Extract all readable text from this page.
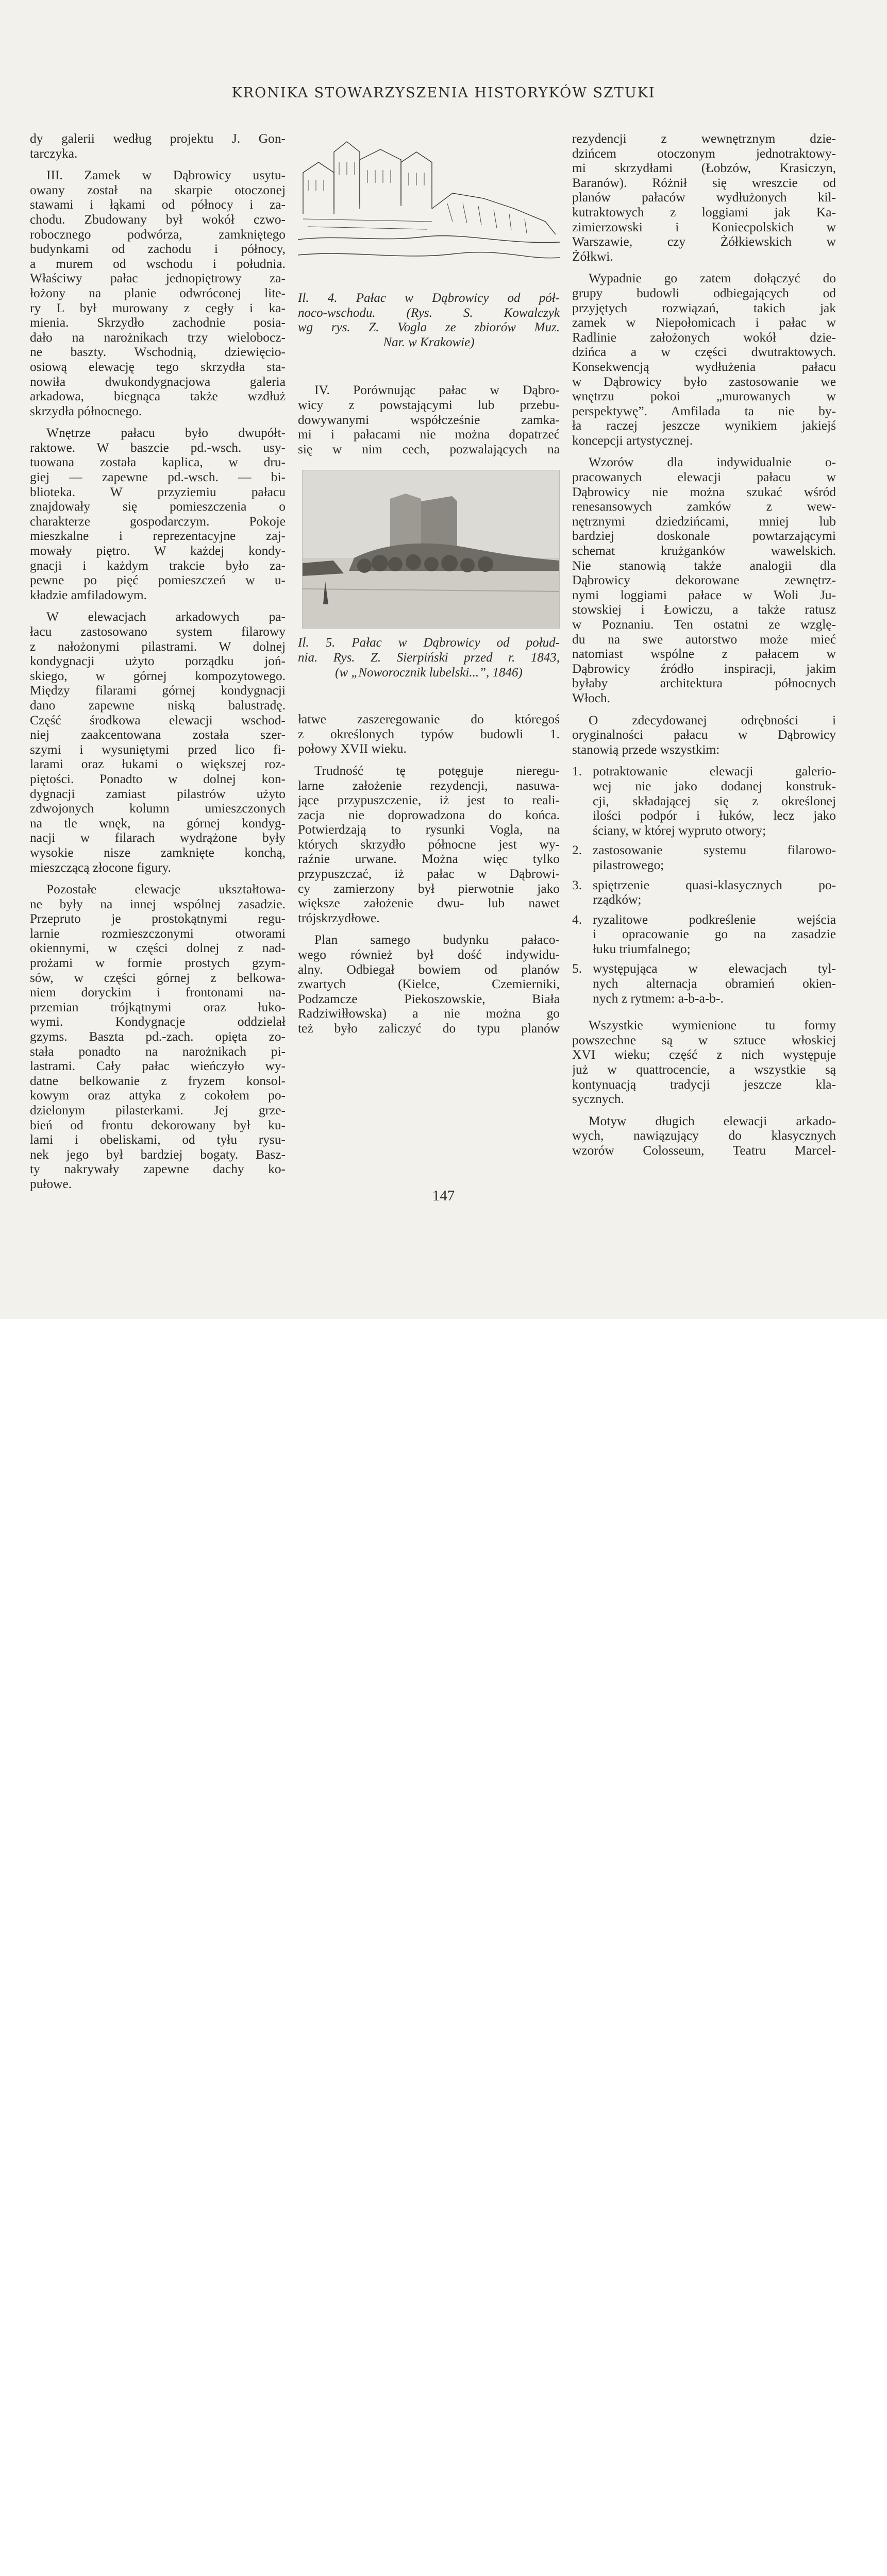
KRONIKA STOWARZYSZENIA HISTORYKÓW SZTUKI
dy galerii według projektu J. Gon-
tarczyka.
III. Zamek w Dąbrowicy usytu-
owany został na skarpie otoczonej
stawami i łąkami od północy i za-
chodu. Zbudowany był wokół czwo-
robocznego podwórza, zamkniętego
budynkami od zachodu i północy,
a murem od wschodu i południa.
Właściwy pałac jednopiętrowy za-
łożony na planie odwróconej lite-
ry L był murowany z cegły i ka-
mienia. Skrzydło zachodnie posia-
dało na narożnikach trzy wielobocz-
ne baszty. Wschodnią, dziewięcio-
osiową elewację tego skrzydła sta-
nowiła dwukondygnacjowa galeria
arkadowa, biegnąca także wzdłuż
skrzydła północnego.
Wnętrze pałacu było dwupółt-
raktowe. W baszcie pd.-wsch. usy-
tuowana została kaplica, w dru-
giej — zapewne pd.-wsch. — bi-
blioteka. W przyziemiu pałacu
znajdowały się pomieszczenia o
charakterze gospodarczym. Pokoje
mieszkalne i reprezentacyjne zaj-
mowały piętro. W każdej kondy-
gnacji i każdym trakcie było za-
pewne po pięć pomieszczeń w u-
kładzie amfiladowym.
W elewacjach arkadowych pa-
łacu zastosowano system filarowy
z nałożonymi pilastrami. W dolnej
kondygnacji użyto porządku joń-
skiego, w górnej kompozytowego.
Między filarami górnej kondygnacji
dano zapewne niską balustradę.
Część środkowa elewacji wschod-
niej zaakcentowana została szer-
szymi i wysuniętymi przed lico fi-
larami oraz łukami o większej roz-
piętości. Ponadto w dolnej kon-
dygnacji zamiast pilastrów użyto
zdwojonych kolumn umieszczonych
na tle wnęk, na górnej kondyg-
nacji w filarach wydrążone były
wysokie nisze zamknięte konchą,
mieszczącą złocone figury.
Pozostałe elewacje ukształtowa-
ne były na innej wspólnej zasadzie.
Przepruto je prostokątnymi regu-
larnie rozmieszczonymi otworami
okiennymi, w części dolnej z nad-
prożami w formie prostych gzym-
sów, w części górnej z belkowa-
niem doryckim i frontonami na-
przemian trójkątnymi oraz łuko-
wymi. Kondygnacje oddzielał
gzyms. Baszta pd.-zach. opięta zo-
stała ponadto na narożnikach pi-
lastrami. Cały pałac wieńczyło wy-
datne belkowanie z fryzem konsol-
kowym oraz attyka z cokołem po-
dzielonym pilasterkami. Jej grze-
bień od frontu dekorowany był ku-
lami i obeliskami, od tyłu rysu-
nek jego był bardziej bogaty. Basz-
ty nakrywały zapewne dachy ko-
pułowe.
Il. 4. Pałac w Dąbrowicy od pół-
noco-wschodu. (Rys. S. Kowalczyk
wg rys. Z. Vogla ze zbiorów Muz.
Nar. w Krakowie)
IV. Porównując pałac w Dąbro-
wicy z powstającymi lub przebu-
dowywanymi współcześnie zamka-
mi i pałacami nie można dopatrzeć
się w nim cech, pozwalających na
Il. 5. Pałac w Dąbrowicy od połud-
nia. Rys. Z. Sierpiński przed r. 1843,
(w „Noworocznik lubelski...”, 1846)
łatwe zaszeregowanie do któregoś
z określonych typów budowli 1.
połowy XVII wieku.
Trudność tę potęguje nieregu-
larne założenie rezydencji, nasuwa-
jące przypuszczenie, iż jest to reali-
zacja nie doprowadzona do końca.
Potwierdzają to rysunki Vogla, na
których skrzydło północne jest wy-
raźnie urwane. Można więc tylko
przypuszczać, iż pałac w Dąbrowi-
cy zamierzony był pierwotnie jako
większe założenie dwu- lub nawet
trójskrzydłowe.
Plan samego budynku pałaco-
wego również był dość indywidu-
alny. Odbiegał bowiem od planów
zwartych (Kielce, Czemierniki,
Podzamcze Piekoszowskie, Biała
Radziwiłłowska) a nie można go
też było zaliczyć do typu planów
rezydencji z wewnętrznym dzie-
dzińcem otoczonym jednotraktowy-
mi skrzydłami (Łobzów, Krasiczyn,
Baranów). Różnił się wreszcie od
planów pałaców wydłużonych kil-
kutraktowych z loggiami jak Ka-
zimierzowski i Koniecpolskich w
Warszawie, czy Żółkiewskich w
Żółkwi.
Wypadnie go zatem dołączyć do
grupy budowli odbiegających od
przyjętych rozwiązań, takich jak
zamek w Niepołomicach i pałac w
Radlinie założonych wokół dzie-
dzińca a w części dwutraktowych.
Konsekwencją wydłużenia pałacu
w Dąbrowicy było zastosowanie we
wnętrzu pokoi „murowanych w
perspektywę”. Amfilada ta nie by-
ła raczej jeszcze wynikiem jakiejś
koncepcji artystycznej.
Wzorów dla indywidualnie o-
pracowanych elewacji pałacu w
Dąbrowicy nie można szukać wśród
renesansowych zamków z wew-
nętrznymi dziedzińcami, mniej lub
bardziej doskonale powtarzającymi
schemat krużganków wawelskich.
Nie stanowią także analogii dla
Dąbrowicy dekorowane zewnętrz-
nymi loggiami pałace w Woli Ju-
stowskiej i Łowiczu, a także ratusz
w Poznaniu. Ten ostatni ze wzglę-
du na swe autorstwo może mieć
natomiast wspólne z pałacem w
Dąbrowicy źródło inspiracji, jakim
byłaby architektura północnych
Włoch.
O zdecydowanej odrębności i
oryginalności pałacu w Dąbrowicy
stanowią przede wszystkim:
1. potraktowanie elewacji galerio-
wej nie jako dodanej konstruk-
cji, składającej się z określonej
ilości podpór i łuków, lecz jako
ściany, w której wypruto otwory;
2. zastosowanie systemu filarowo-
pilastrowego;
3. spiętrzenie quasi-klasycznych po-
rządków;
4. ryzalitowe podkreślenie wejścia
i opracowanie go na zasadzie
łuku triumfalnego;
5. występująca w elewacjach tyl-
nych alternacja obramień okien-
nych z rytmem: a-b-a-b-.
Wszystkie wymienione tu formy
powszechne są w sztuce włoskiej
XVI wieku; część z nich występuje
już w quattrocencie, a wszystkie są
kontynuacją tradycji jeszcze kla-
sycznych.
Motyw długich elewacji arkado-
wych, nawiązujący do klasycznych
wzorów Colosseum, Teatru Marcel-
147
